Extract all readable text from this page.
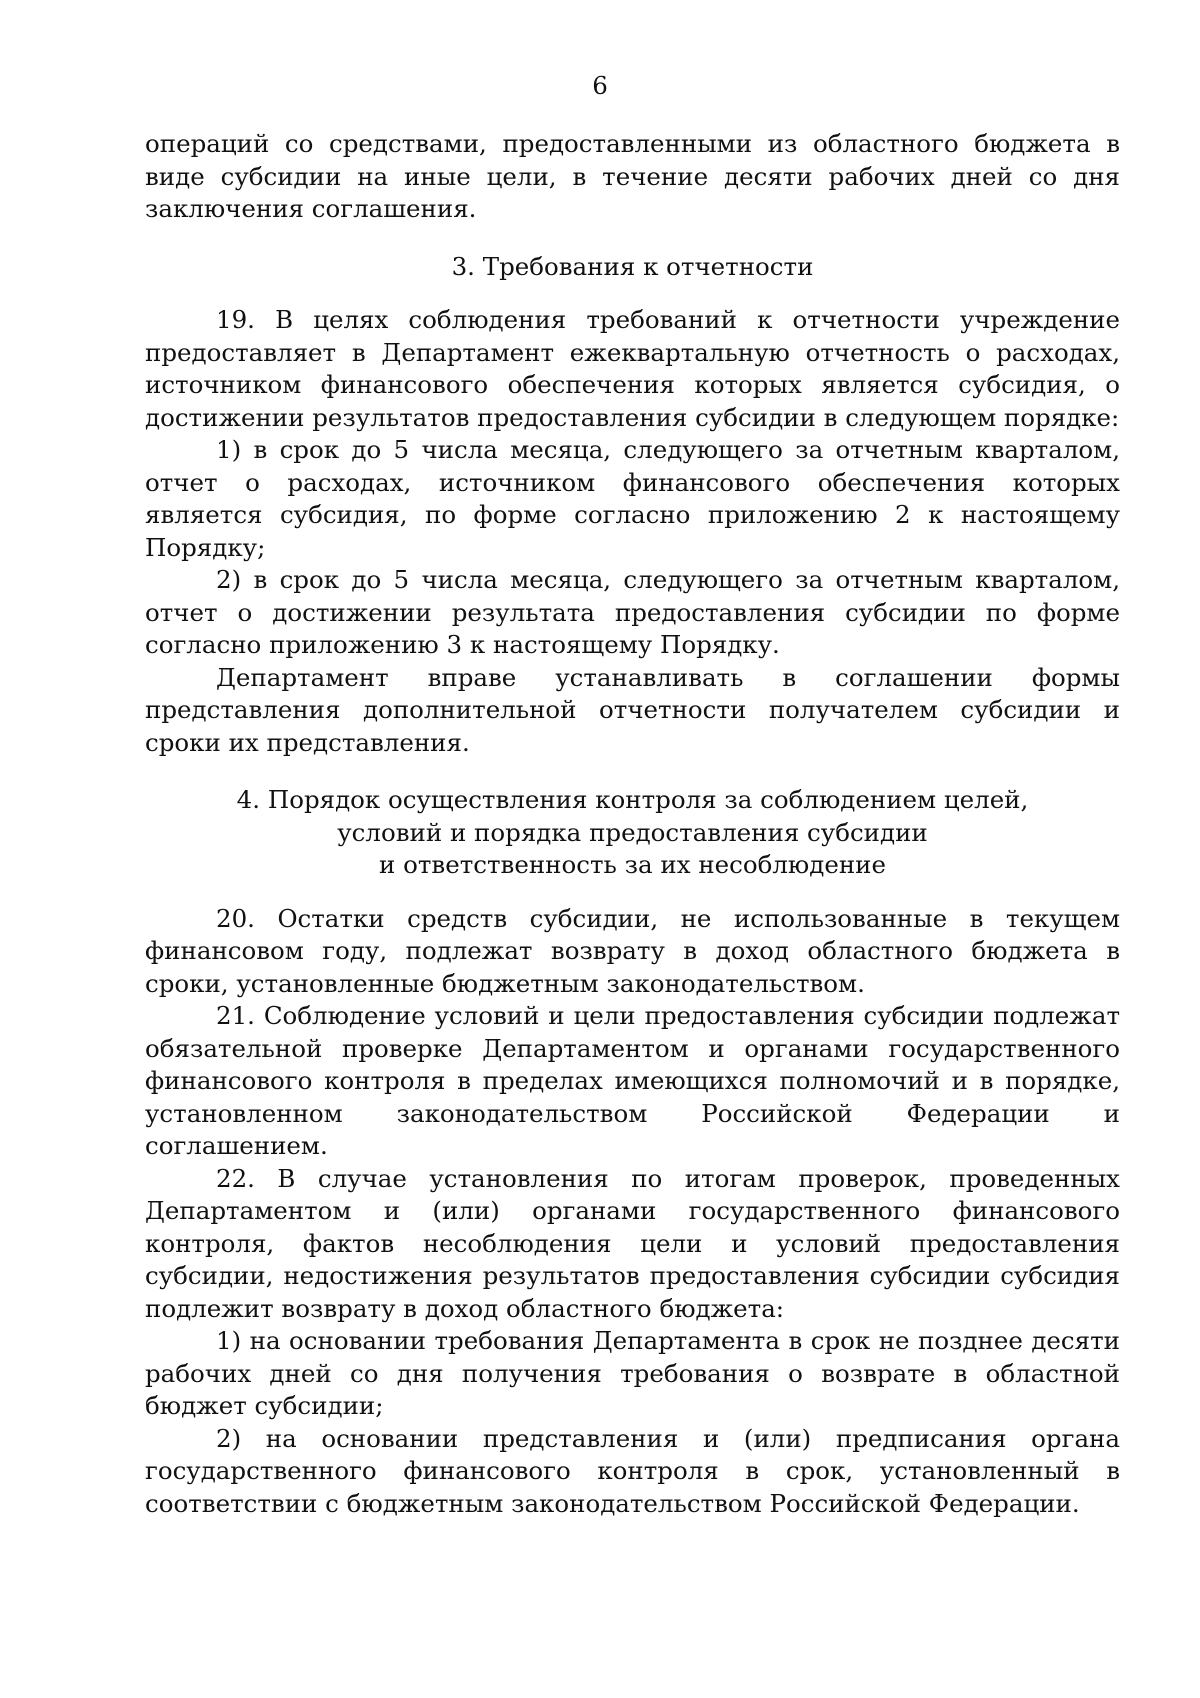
6

операций со средствами, предоставленными из областного бюджета в виде субсидии на иные цели, в течение десяти рабочих дней со дня заключения соглашения.

3. Требования к отчетности

19. В целях соблюдения требований к отчетности учреждение предоставляет в Департамент ежеквартальную отчетность о расходах, источником финансового обеспечения которых является субсидия, о достижении результатов предоставления субсидии в следующем порядке:

1) в срок до 5 числа месяца, следующего за отчетным кварталом, отчет о расходах, источником финансового обеспечения которых является субсидия, по форме согласно приложению 2 к настоящему Порядку;

2) в срок до 5 числа месяца, следующего за отчетным кварталом, отчет о достижении результата предоставления субсидии по форме согласно приложению 3 к настоящему Порядку.

Департамент вправе устанавливать в соглашении формы представления дополнительной отчетности получателем субсидии и сроки их представления.

4. Порядок осуществления контроля за соблюдением целей,
условий и порядка предоставления субсидии
и ответственность за их несоблюдение

20. Остатки средств субсидии, не использованные в текущем финансовом году, подлежат возврату в доход областного бюджета в сроки, установленные бюджетным законодательством.

21. Соблюдение условий и цели предоставления субсидии подлежат обязательной проверке Департаментом и органами государственного финансового контроля в пределах имеющихся полномочий и в порядке, установленном законодательством Российской Федерации и соглашением.

22. В случае установления по итогам проверок, проведенных Департаментом и (или) органами государственного финансового контроля, фактов несоблюдения цели и условий предоставления субсидии, недостижения результатов предоставления субсидии субсидия подлежит возврату в доход областного бюджета:

1) на основании требования Департамента в срок не позднее десяти рабочих дней со дня получения требования о возврате в областной бюджет субсидии;

2) на основании представления и (или) предписания органа государственного финансового контроля в срок, установленный в соответствии с бюджетным законодательством Российской Федерации.
